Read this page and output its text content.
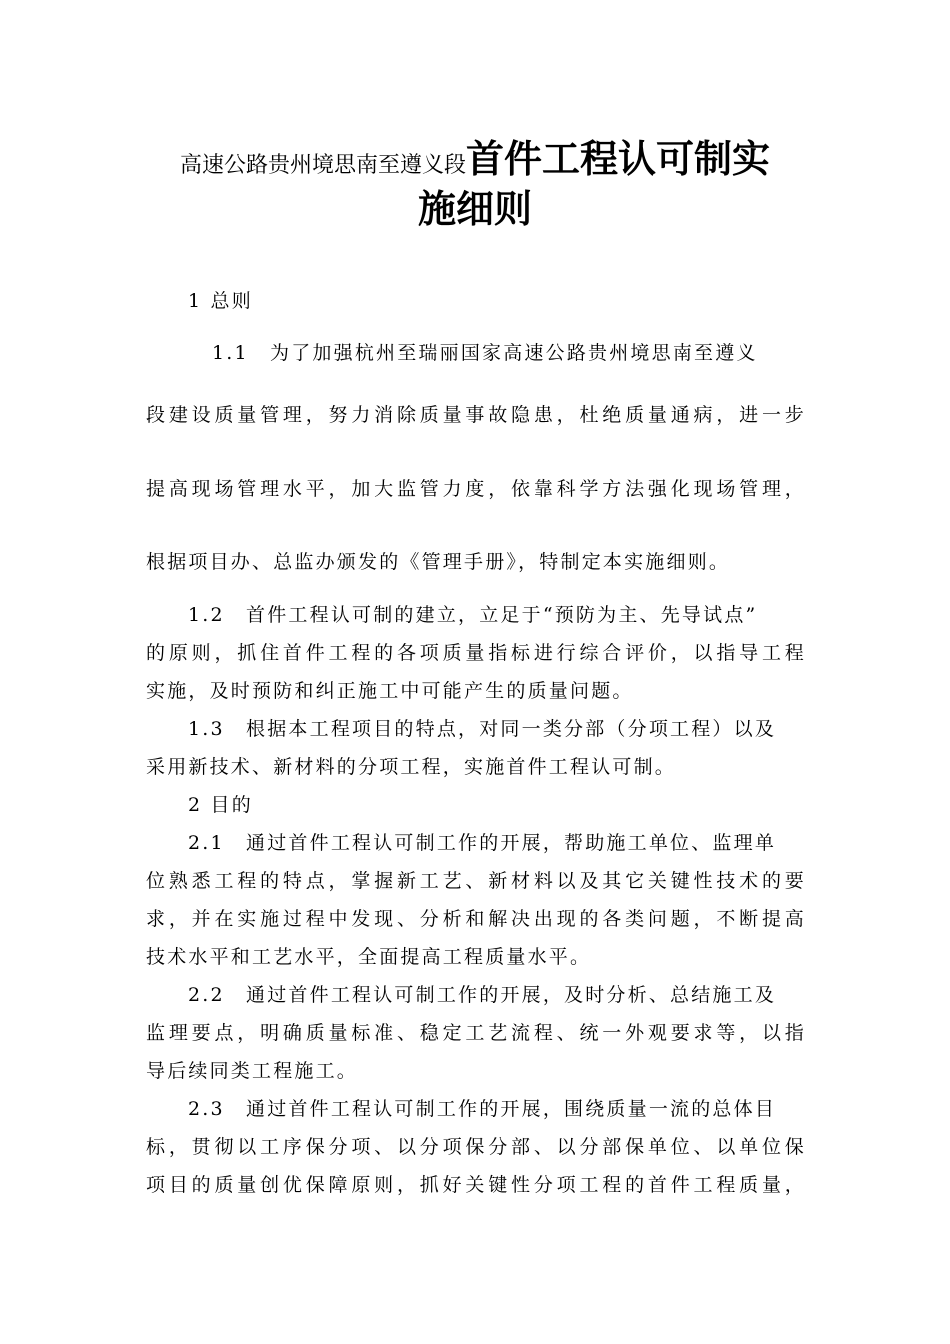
高速公路贵州境思南至遵义段首件工程认可制实
施细则
1 总则
1.1　为了加强杭州至瑞丽国家高速公路贵州境思南至遵义
段建设质量管理，努力消除质量事故隐患，杜绝质量通病，进一步
提高现场管理水平，加大监管力度，依靠科学方法强化现场管理，
根据项目办、总监办颁发的《管理手册》，特制定本实施细则。
1.2　首件工程认可制的建立，立足于“预防为主、先导试点”
的原则，抓住首件工程的各项质量指标进行综合评价，以指导工程
实施，及时预防和纠正施工中可能产生的质量问题。
1.3　根据本工程项目的特点，对同一类分部（分项工程）以及
采用新技术、新材料的分项工程，实施首件工程认可制。
2 目的
2.1　通过首件工程认可制工作的开展，帮助施工单位、监理单
位熟悉工程的特点，掌握新工艺、新材料以及其它关键性技术的要
求，并在实施过程中发现、分析和解决出现的各类问题，不断提高
技术水平和工艺水平，全面提高工程质量水平。
2.2　通过首件工程认可制工作的开展，及时分析、总结施工及
监理要点，明确质量标准、稳定工艺流程、统一外观要求等，以指
导后续同类工程施工。
2.3　通过首件工程认可制工作的开展，围绕质量一流的总体目
标，贯彻以工序保分项、以分项保分部、以分部保单位、以单位保
项目的质量创优保障原则，抓好关键性分项工程的首件工程质量，
